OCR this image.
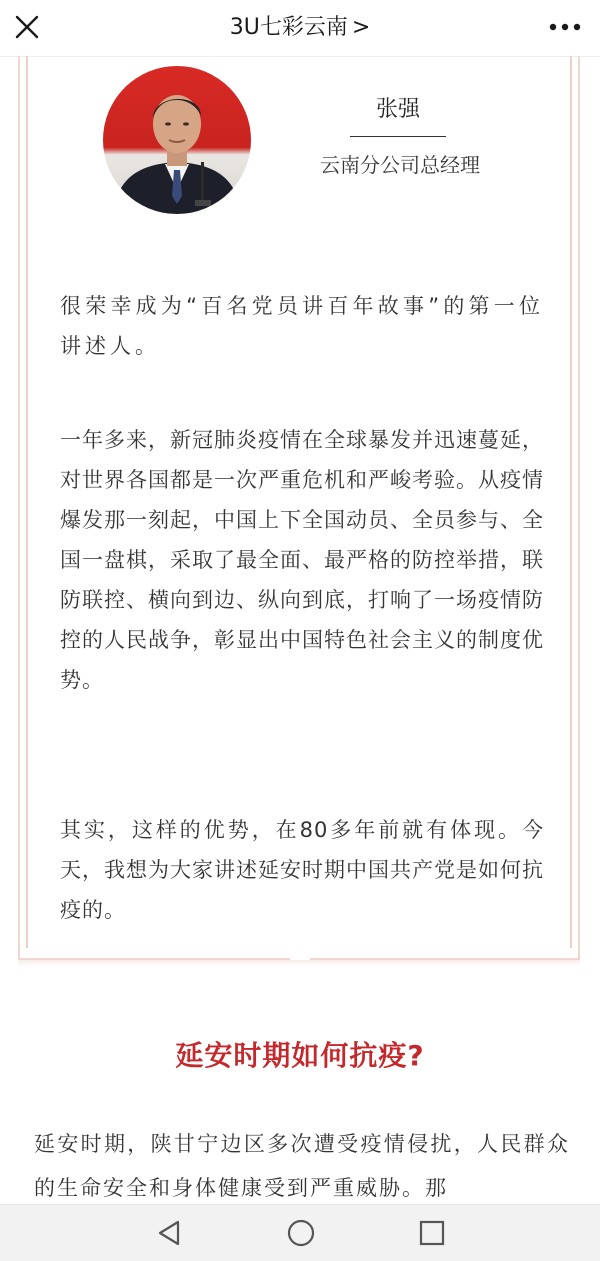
3U七彩云南 >
张强
云南分公司总经理

很荣幸成为“百名党员讲百年故事”的第一位讲述人。

一年多来，新冠肺炎疫情在全球暴发并迅速蔓延，对世界各国都是一次严重危机和严峻考验。从疫情爆发那一刻起，中国上下全国动员、全员参与、全国一盘棋，采取了最全面、最严格的防控举措，联防联控、横向到边、纵向到底，打响了一场疫情防控的人民战争，彰显出中国特色社会主义的制度优势。

其实，这样的优势，在80多年前就有体现。今天，我想为大家讲述延安时期中国共产党是如何抗疫的。

延安时期如何抗疫?

延安时期，陕甘宁边区多次遭受疫情侵扰，人民群众的生命安全和身体健康受到严重威胁。那
